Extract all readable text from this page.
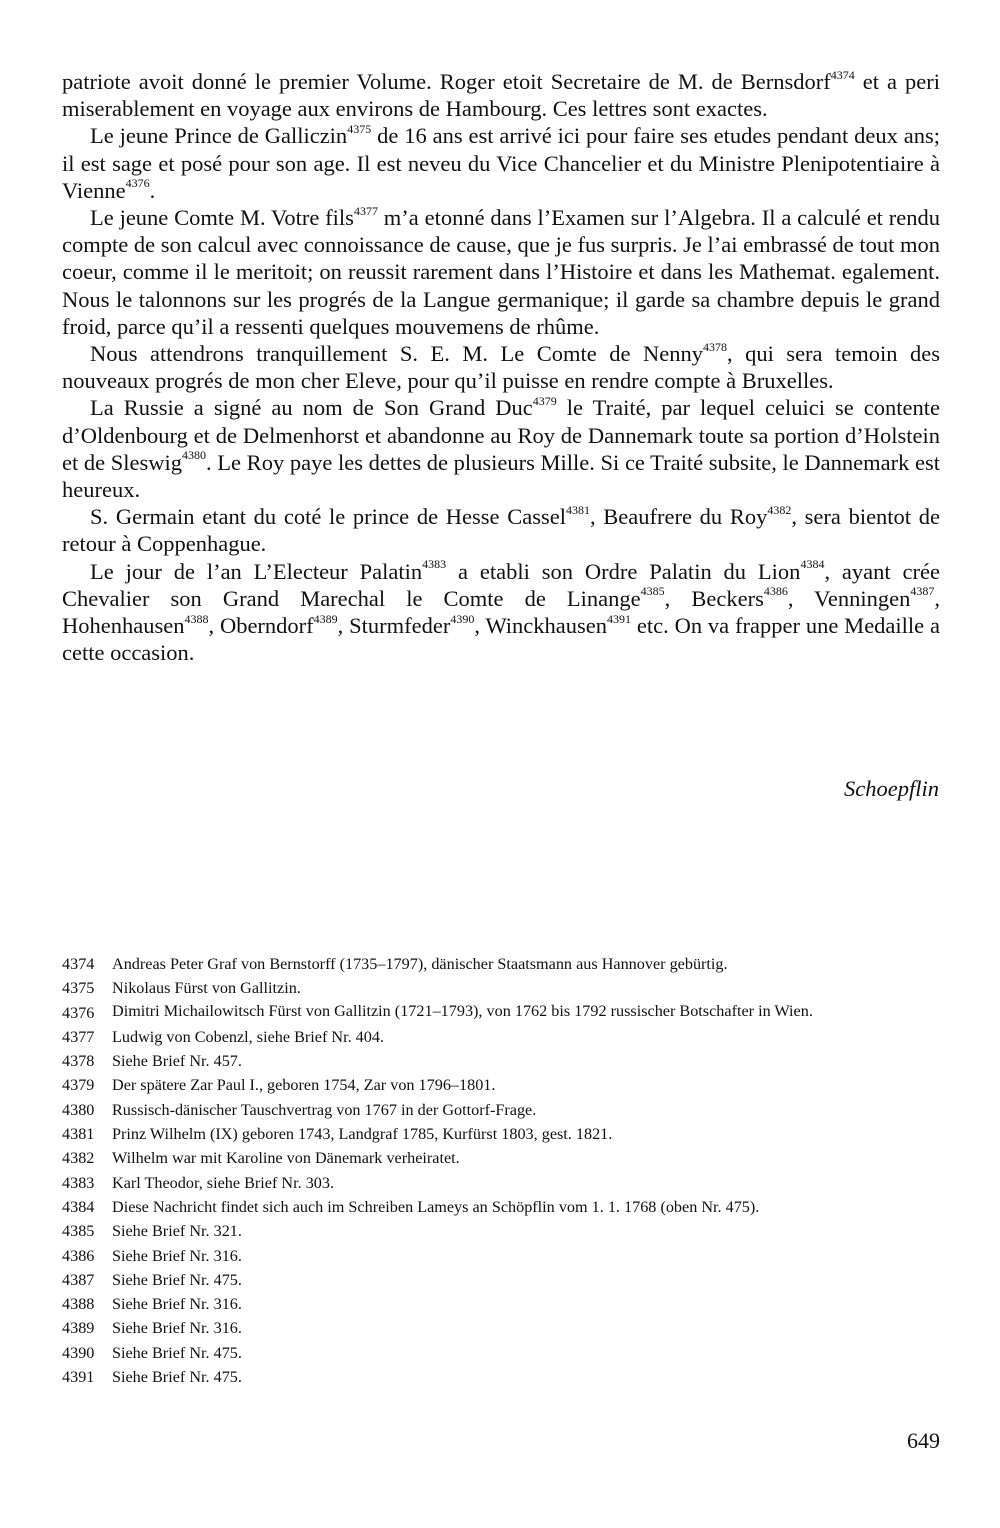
patriote avoit donné le premier Volume. Roger etoit Secretaire de M. de Bernsdorf$^{4374}$ et a peri miserablement en voyage aux environs de Hambourg. Ces lettres sont exactes.

Le jeune Prince de Galliczin$^{4375}$ de 16 ans est arrivé ici pour faire ses etudes pendant deux ans; il est sage et posé pour son age. Il est neveu du Vice Chancelier et du Ministre Plenipotentiaire à Vienne$^{4376}$.

Le jeune Comte M. Votre fils$^{4377}$ m’a etonné dans l’Examen sur l’Algebra. Il a calculé et rendu compte de son calcul avec connoissance de cause, que je fus surpris. Je l’ai embrassé de tout mon coeur, comme il le meritoit; on reussit rarement dans l’Histoire et dans les Mathemat. egalement. Nous le talonnons sur les progrés de la Langue germanique; il garde sa chambre depuis le grand froid, parce qu’il a ressenti quelques mouvemens de rhûme.

Nous attendrons tranquillement S. E. M. Le Comte de Nenny$^{4378}$, qui sera temoin des nouveaux progrés de mon cher Eleve, pour qu’il puisse en rendre compte à Bruxelles.

La Russie a signé au nom de Son Grand Duc$^{4379}$ le Traité, par lequel celuici se contente d’Oldenbourg et de Delmenhorst et abandonne au Roy de Dannemark toute sa portion d’Holstein et de Sleswig$^{4380}$. Le Roy paye les dettes de plusieurs Mille. Si ce Traité subsite, le Dannemark est heureux.

S. Germain etant du coté le prince de Hesse Cassel$^{4381}$, Beaufrere du Roy$^{4382}$, sera bientot de retour à Coppenhague.

Le jour de l’an L’Electeur Palatin$^{4383}$ a etabli son Ordre Palatin du Lion$^{4384}$, ayant crée Chevalier son Grand Marechal le Comte de Linange$^{4385}$, Beckers$^{4386}$, Venningen$^{4387}$, Hohenhausen$^{4388}$, Oberndorf$^{4389}$, Sturmfeder$^{4390}$, Winckhausen$^{4391}$ etc. On va frapper une Medaille a cette occasion.

Schoepflin
4374	Andreas Peter Graf von Bernstorff (1735–1797), dänischer Staatsmann aus Hannover gebürtig.
4375	Nikolaus Fürst von Gallitzin.
4376	Dimitri Michailowitsch Fürst von Gallitzin (1721–1793), von 1762 bis 1792 russischer Botschafter in Wien.
4377	Ludwig von Cobenzl, siehe Brief Nr. 404.
4378	Siehe Brief Nr. 457.
4379	Der spätere Zar Paul I., geboren 1754, Zar von 1796–1801.
4380	Russisch-dänischer Tauschvertrag von 1767 in der Gottorf-Frage.
4381	Prinz Wilhelm (IX) geboren 1743, Landgraf 1785, Kurfürst 1803, gest. 1821.
4382	Wilhelm war mit Karoline von Dänemark verheiratet.
4383	Karl Theodor, siehe Brief Nr. 303.
4384	Diese Nachricht findet sich auch im Schreiben Lameys an Schöpflin vom 1. 1. 1768 (oben Nr. 475).
4385	Siehe Brief Nr. 321.
4386	Siehe Brief Nr. 316.
4387	Siehe Brief Nr. 475.
4388	Siehe Brief Nr. 316.
4389	Siehe Brief Nr. 316.
4390	Siehe Brief Nr. 475.
4391	Siehe Brief Nr. 475.
649
